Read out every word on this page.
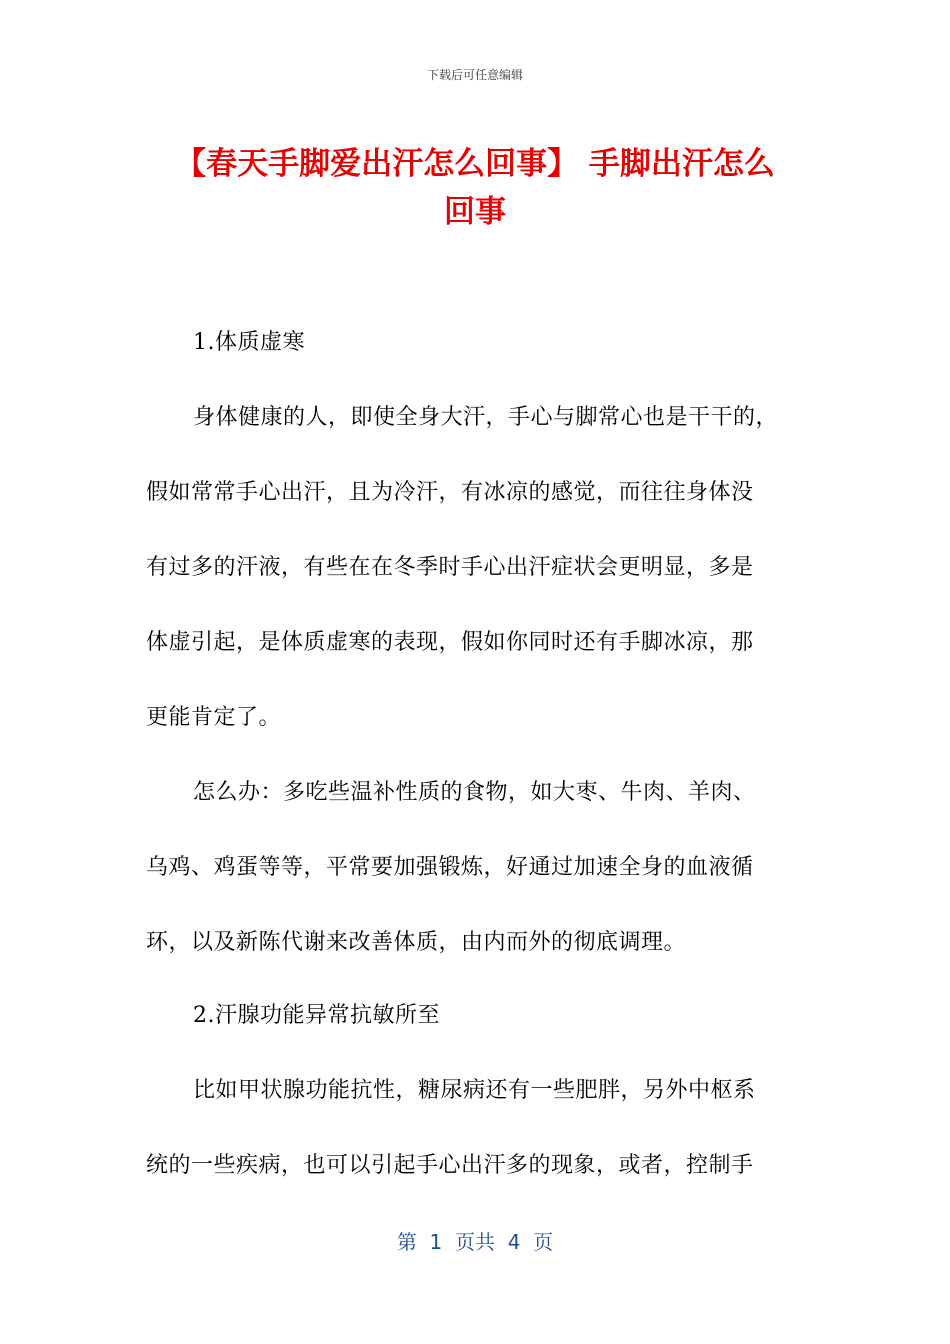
下载后可任意编辑
【春天手脚爱出汗怎么回事】 手脚出汗怎么
回事
1.体质虚寒
身体健康的人，即使全身大汗，手心与脚常心也是干干的，
假如常常手心出汗，且为冷汗，有冰凉的感觉，而往往身体没
有过多的汗液，有些在在冬季时手心出汗症状会更明显，多是
体虚引起，是体质虚寒的表现，假如你同时还有手脚冰凉，那
更能肯定了。
怎么办：多吃些温补性质的食物，如大枣、牛肉、羊肉、
乌鸡、鸡蛋等等，平常要加强锻炼，好通过加速全身的血液循
环，以及新陈代谢来改善体质，由内而外的彻底调理。
2.汗腺功能异常抗敏所至
比如甲状腺功能抗性，糖尿病还有一些肥胖，另外中枢系
统的一些疾病，也可以引起手心出汗多的现象，或者，控制手
第  1  页共  4  页
